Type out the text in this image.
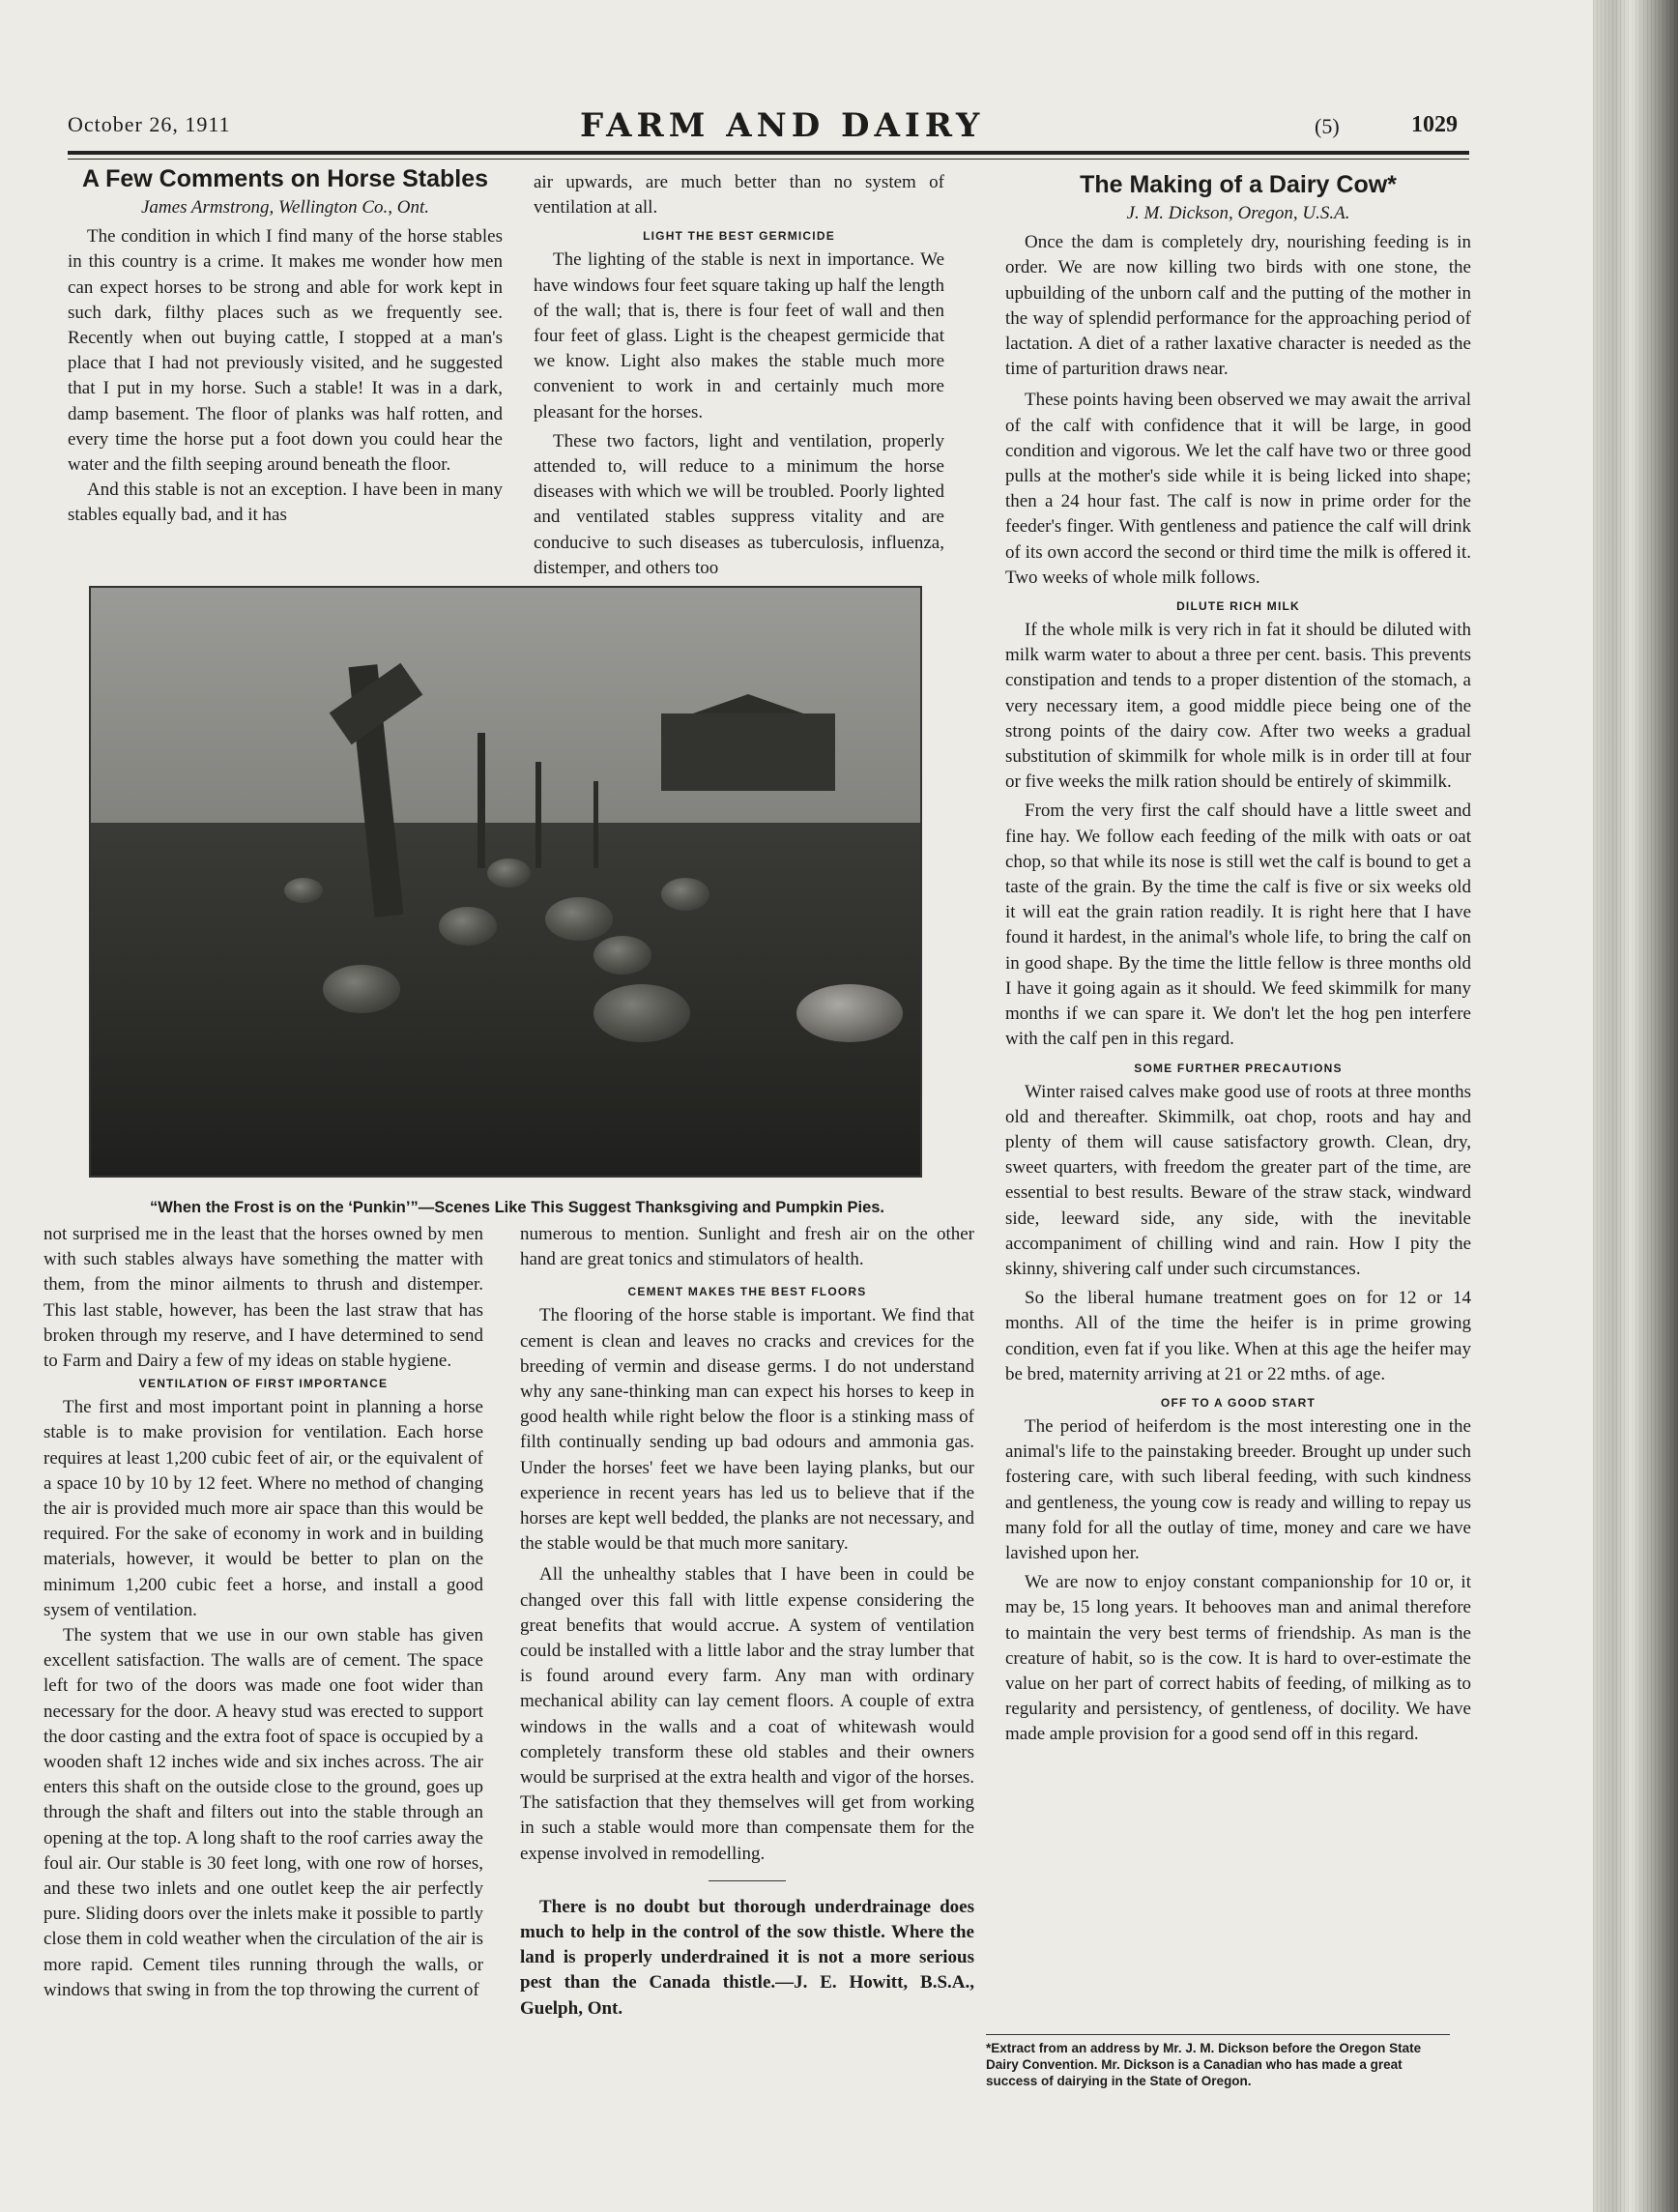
October 26, 1911	FARM AND DAIRY	(5)	1029
A Few Comments on Horse Stables
James Armstrong, Wellington Co., Ont.

The condition in which I find many of the horse stables in this country is a crime. It makes me wonder how men can expect horses to be strong and able for work kept in such dark, filthy places such as we frequently see. Recently when out buying cattle, I stopped at a man's place that I had not previously visited, and he suggested that I put in my horse. Such a stable! It was in a dark, damp basement. The floor of planks was half rotten, and every time the horse put a foot down you could hear the water and the filth seeping around beneath the floor.

And this stable is not an exception. I have been in many stables equally bad, and it has

air upwards, are much better than no system of ventilation at all.

LIGHT THE BEST GERMICIDE

The lighting of the stable is next in importance. We have windows four feet square taking up half the length of the wall; that is, there is four feet of wall and then four feet of glass. Light is the cheapest germicide that we know. Light also makes the stable much more convenient to work in and certainly much more pleasant for the horses.

These two factors, light and ventilation, properly attended to, will reduce to a minimum the horse diseases with which we will be troubled. Poorly lighted and ventilated stables suppress vitality and are conducive to such diseases as tuberculosis, influenza, distemper, and others too

“When the Frost is on the ‘Punkin’”—Scenes Like This Suggest Thanksgiving and Pumpkin Pies.

not surprised me in the least that the horses owned by men with such stables always have something the matter with them, from the minor ailments to thrush and distemper. This last stable, however, has been the last straw that has broken through my reserve, and I have determined to send to Farm and Dairy a few of my ideas on stable hygiene.

VENTILATION OF FIRST IMPORTANCE

The first and most important point in planning a horse stable is to make provision for ventilation. Each horse requires at least 1,200 cubic feet of air, or the equivalent of a space 10 by 10 by 12 feet. Where no method of changing the air is provided much more air space than this would be required. For the sake of economy in work and in building materials, however, it would be better to plan on the minimum 1,200 cubic feet a horse, and install a good sysem of ventilation.

The system that we use in our own stable has given excellent satisfaction. The walls are of cement. The space left for two of the doors was made one foot wider than necessary for the door. A heavy stud was erected to support the door casting and the extra foot of space is occupied by a wooden shaft 12 inches wide and six inches across. The air enters this shaft on the outside close to the ground, goes up through the shaft and filters out into the stable through an opening at the top. A long shaft to the roof carries away the foul air. Our stable is 30 feet long, with one row of horses, and these two inlets and one outlet keep the air perfectly pure. Sliding doors over the inlets make it possible to partly close them in cold weather when the circulation of the air is more rapid. Cement tiles running through the walls, or windows that swing in from the top throwing the current of

numerous to mention. Sunlight and fresh air on the other hand are great tonics and stimulators of health.

CEMENT MAKES THE BEST FLOORS

The flooring of the horse stable is important. We find that cement is clean and leaves no cracks and crevices for the breeding of vermin and disease germs. I do not understand why any sane-thinking man can expect his horses to keep in good health while right below the floor is a stinking mass of filth continually sending up bad odours and ammonia gas. Under the horses' feet we have been laying planks, but our experience in recent years has led us to believe that if the horses are kept well bedded, the planks are not necessary, and the stable would be that much more sanitary.

All the unhealthy stables that I have been in could be changed over this fall with little expense considering the great benefits that would accrue. A system of ventilation could be installed with a little labor and the stray lumber that is found around every farm. Any man with ordinary mechanical ability can lay cement floors. A couple of extra windows in the walls and a coat of whitewash would completely transform these old stables and their owners would be surprised at the extra health and vigor of the horses. The satisfaction that they themselves will get from working in such a stable would more than compensate them for the expense involved in remodelling.

There is no doubt but thorough underdrainage does much to help in the control of the sow thistle. Where the land is properly underdrained it is not a more serious pest than the Canada thistle.—J. E. Howitt, B.S.A., Guelph, Ont.

The Making of a Dairy Cow*
J. M. Dickson, Oregon, U.S.A.

Once the dam is completely dry, nourishing feeding is in order. We are now killing two birds with one stone, the upbuilding of the unborn calf and the putting of the mother in the way of splendid performance for the approaching period of lactation. A diet of a rather laxative character is needed as the time of parturition draws near.

These points having been observed we may await the arrival of the calf with confidence that it will be large, in good condition and vigorous. We let the calf have two or three good pulls at the mother's side while it is being licked into shape; then a 24 hour fast. The calf is now in prime order for the feeder's finger. With gentleness and patience the calf will drink of its own accord the second or third time the milk is offered it. Two weeks of whole milk follows.

DILUTE RICH MILK

If the whole milk is very rich in fat it should be diluted with milk warm water to about a three per cent. basis. This prevents constipation and tends to a proper distention of the stomach, a very necessary item, a good middle piece being one of the strong points of the dairy cow. After two weeks a gradual substitution of skimmilk for whole milk is in order till at four or five weeks the milk ration should be entirely of skimmilk.

From the very first the calf should have a little sweet and fine hay. We follow each feeding of the milk with oats or oat chop, so that while its nose is still wet the calf is bound to get a taste of the grain. By the time the calf is five or six weeks old it will eat the grain ration readily. It is right here that I have found it hardest, in the animal's whole life, to bring the calf on in good shape. By the time the little fellow is three months old I have it going again as it should. We feed skimmilk for many months if we can spare it. We don't let the hog pen interfere with the calf pen in this regard.

SOME FURTHER PRECAUTIONS

Winter raised calves make good use of roots at three months old and thereafter. Skimmilk, oat chop, roots and hay and plenty of them will cause satisfactory growth. Clean, dry, sweet quarters, with freedom the greater part of the time, are essential to best results. Beware of the straw stack, windward side, leeward side, any side, with the inevitable accompaniment of chilling wind and rain. How I pity the skinny, shivering calf under such circumstances.

So the liberal humane treatment goes on for 12 or 14 months. All of the time the heifer is in prime growing condition, even fat if you like. When at this age the heifer may be bred, maternity arriving at 21 or 22 mths. of age.

OFF TO A GOOD START

The period of heiferdom is the most interesting one in the animal's life to the painstaking breeder. Brought up under such fostering care, with such liberal feeding, with such kindness and gentleness, the young cow is ready and willing to repay us many fold for all the outlay of time, money and care we have lavished upon her.

We are now to enjoy constant companionship for 10 or, it may be, 15 long years. It behooves man and animal therefore to maintain the very best terms of friendship. As man is the creature of habit, so is the cow. It is hard to over-estimate the value on her part of correct habits of feeding, of milking as to regularity and persistency, of gentleness, of docility. We have made ample provision for a good send off in this regard.

*Extract from an address by Mr. J. M. Dickson before the Oregon State Dairy Convention. Mr. Dickson is a Canadian who has made a great success of dairying in the State of Oregon.
